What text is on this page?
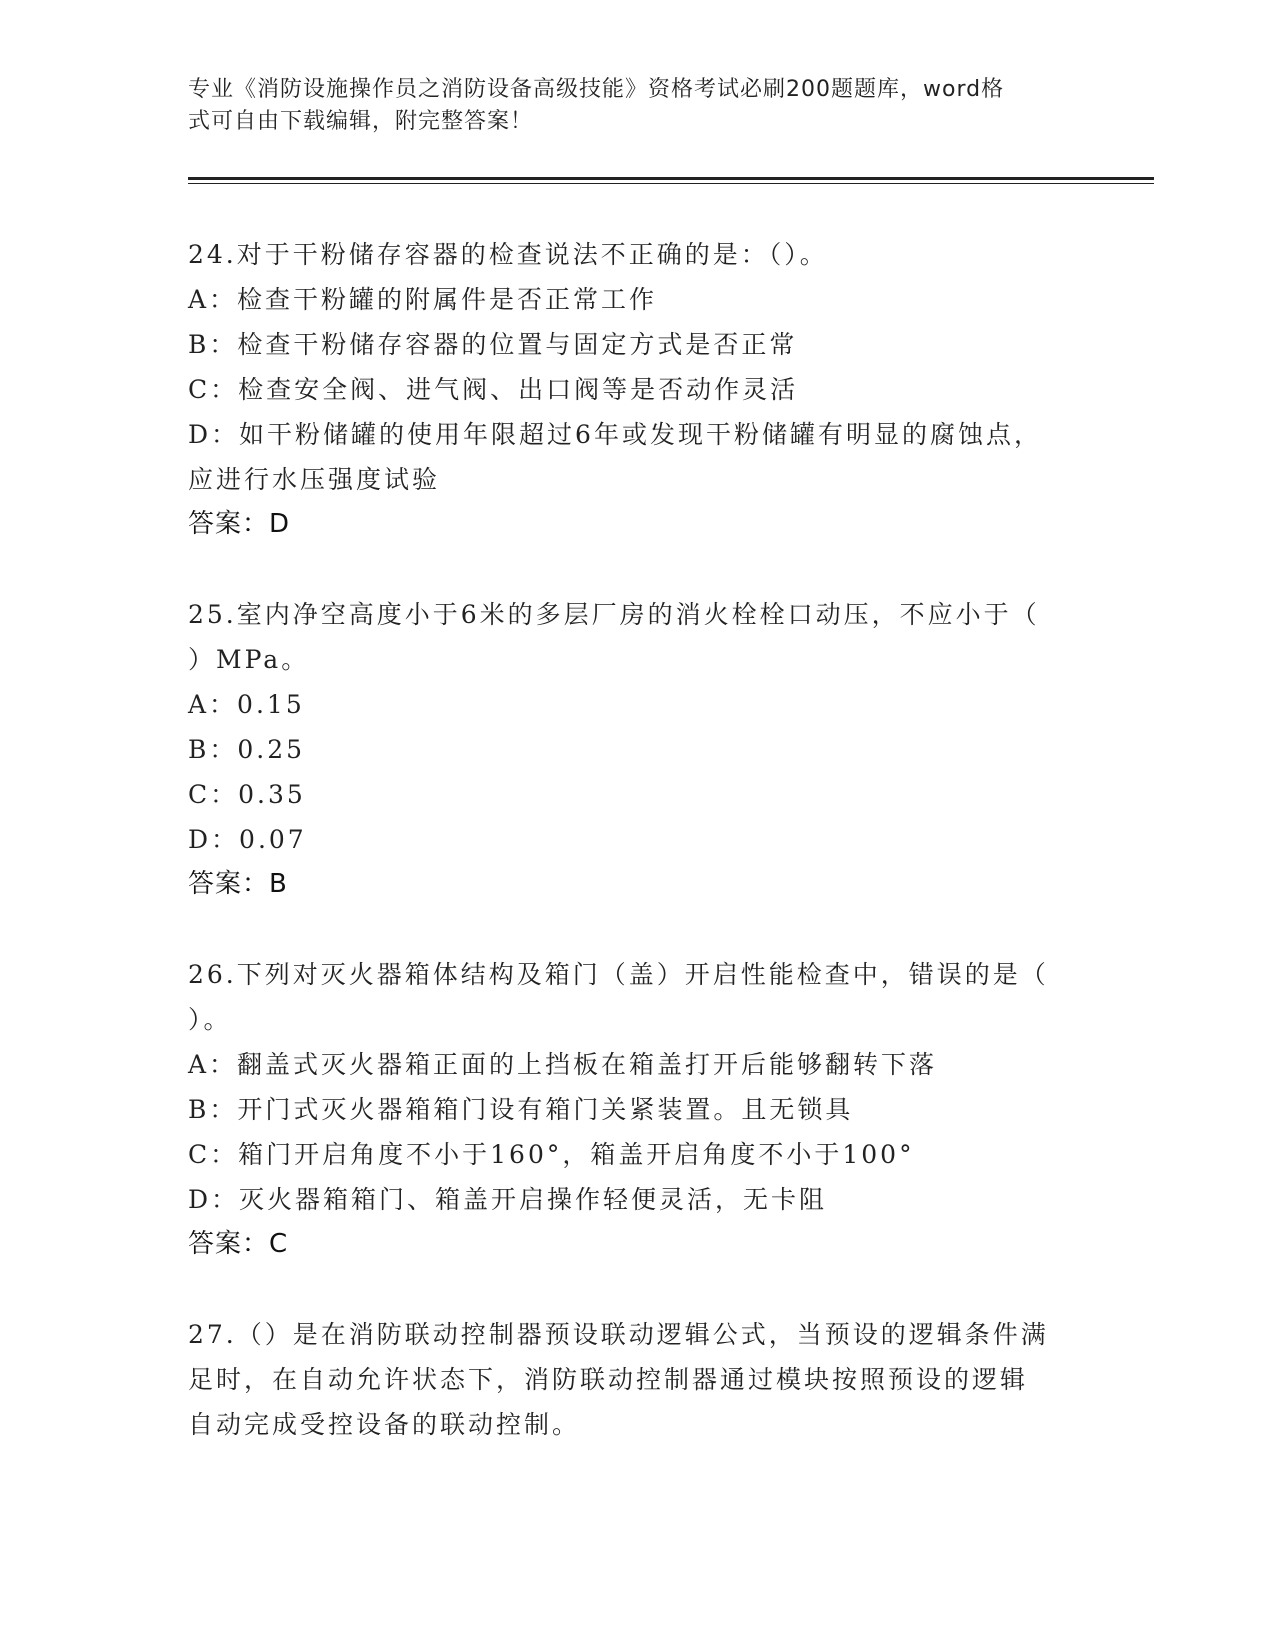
专业《消防设施操作员之消防设备高级技能》资格考试必刷200题题库，word格
式可自由下载编辑，附完整答案！
24.对于干粉储存容器的检查说法不正确的是：（）。
A：检查干粉罐的附属件是否正常工作
B：检查干粉储存容器的位置与固定方式是否正常
C：检查安全阀、进气阀、出口阀等是否动作灵活
D：如干粉储罐的使用年限超过6年或发现干粉储罐有明显的腐蚀点，
应进行水压强度试验
答案：D
25.室内净空高度小于6米的多层厂房的消火栓栓口动压，不应小于（
）MPa。
A：0.15
B：0.25
C：0.35
D：0.07
答案：B
26.下列对灭火器箱体结构及箱门（盖）开启性能检查中，错误的是（
）。
A：翻盖式灭火器箱正面的上挡板在箱盖打开后能够翻转下落
B：开门式灭火器箱箱门设有箱门关紧装置。且无锁具
C：箱门开启角度不小于160°，箱盖开启角度不小于100°
D：灭火器箱箱门、箱盖开启操作轻便灵活，无卡阻
答案：C
27.（）是在消防联动控制器预设联动逻辑公式，当预设的逻辑条件满
足时，在自动允许状态下，消防联动控制器通过模块按照预设的逻辑
自动完成受控设备的联动控制。
